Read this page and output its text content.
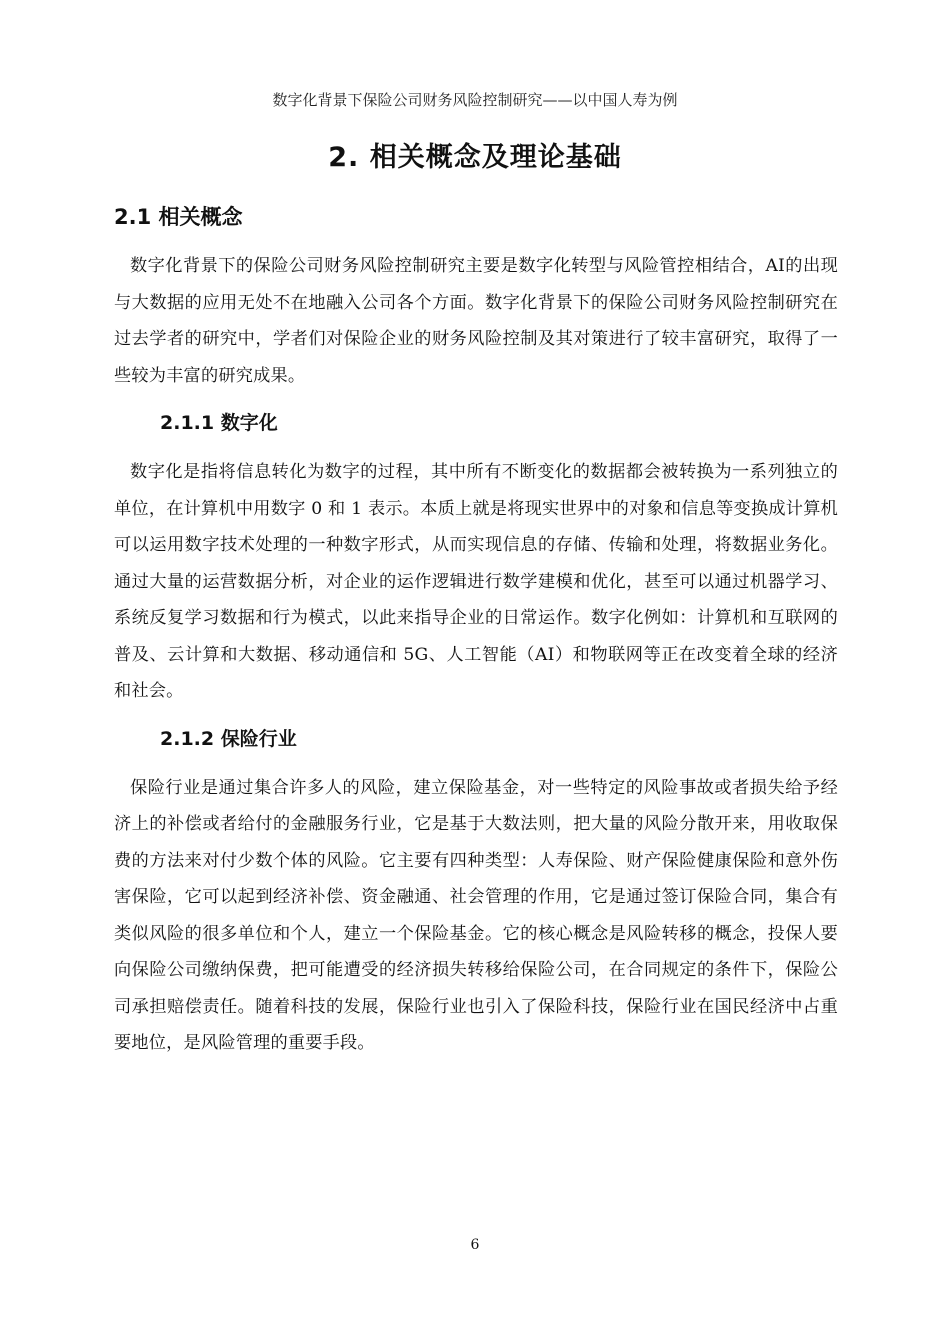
数字化背景下保险公司财务风险控制研究——以中国人寿为例
2. 相关概念及理论基础
2.1 相关概念

数字化背景下的保险公司财务风险控制研究主要是数字化转型与风险管控相结合，AI的出现与大数据的应用无处不在地融入公司各个方面。数字化背景下的保险公司财务风险控制研究在过去学者的研究中，学者们对保险企业的财务风险控制及其对策进行了较丰富研究，取得了一些较为丰富的研究成果。

2.1.1 数字化

数字化是指将信息转化为数字的过程，其中所有不断变化的数据都会被转换为一系列独立的单位，在计算机中用数字 0 和 1 表示。本质上就是将现实世界中的对象和信息等变换成计算机可以运用数字技术处理的一种数字形式，从而实现信息的存储、传输和处理，将数据业务化。通过大量的运营数据分析，对企业的运作逻辑进行数学建模和优化，甚至可以通过机器学习、系统反复学习数据和行为模式，以此来指导企业的日常运作。数字化例如：计算机和互联网的普及、云计算和大数据、移动通信和 5G、人工智能（AI）和物联网等正在改变着全球的经济和社会。

2.1.2 保险行业

保险行业是通过集合许多人的风险，建立保险基金，对一些特定的风险事故或者损失给予经济上的补偿或者给付的金融服务行业，它是基于大数法则，把大量的风险分散开来，用收取保费的方法来对付少数个体的风险。它主要有四种类型：人寿保险、财产保险健康保险和意外伤害保险，它可以起到经济补偿、资金融通、社会管理的作用，它是通过签订保险合同，集合有类似风险的很多单位和个人，建立一个保险基金。它的核心概念是风险转移的概念，投保人要向保险公司缴纳保费，把可能遭受的经济损失转移给保险公司，在合同规定的条件下，保险公司承担赔偿责任。随着科技的发展，保险行业也引入了保险科技，保险行业在国民经济中占重要地位，是风险管理的重要手段。

6
